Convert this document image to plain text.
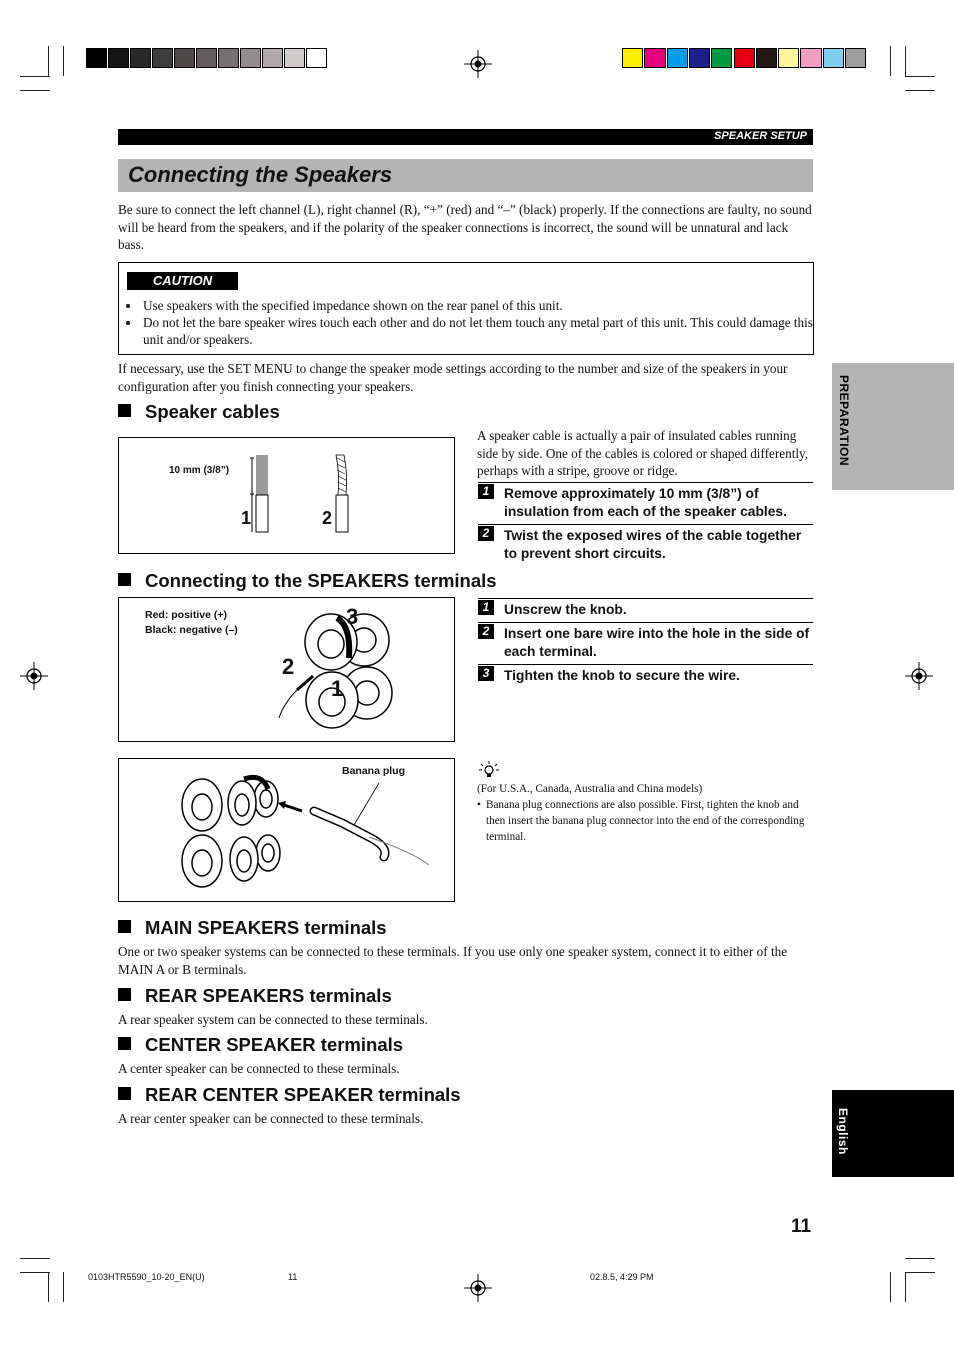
SPEAKER SETUP
Connecting the Speakers
Be sure to connect the left channel (L), right channel (R), “+” (red) and “–” (black) properly. If the connections are faulty, no sound will be heard from the speakers, and if the polarity of the speaker connections is incorrect, the sound will be unnatural and lack bass.
CAUTION
• Use speakers with the specified impedance shown on the rear panel of this unit.
• Do not let the bare speaker wires touch each other and do not let them touch any metal part of this unit. This could damage this unit and/or speakers.
If necessary, use the SET MENU to change the speaker mode settings according to the number and size of the speakers in your configuration after you finish connecting your speakers.
Speaker cables
10 mm (3/8”)
1	2
A speaker cable is actually a pair of insulated cables running side by side. One of the cables is colored or shaped differently, perhaps with a stripe, groove or ridge.
1	Remove approximately 10 mm (3/8”) of insulation from each of the speaker cables.
2	Twist the exposed wires of the cable together to prevent short circuits.
Connecting to the SPEAKERS terminals
Red: positive (+)
Black: negative (–)
3
2
1
1	Unscrew the knob.
2	Insert one bare wire into the hole in the side of each terminal.
3	Tighten the knob to secure the wire.
Banana plug
(For U.S.A., Canada, Australia and China models)
• Banana plug connections are also possible. First, tighten the knob and then insert the banana plug connector into the end of the corresponding terminal.
MAIN SPEAKERS terminals
One or two speaker systems can be connected to these terminals. If you use only one speaker system, connect it to either of the MAIN A or B terminals.
REAR SPEAKERS terminals
A rear speaker system can be connected to these terminals.
CENTER SPEAKER terminals
A center speaker can be connected to these terminals.
REAR CENTER SPEAKER terminals
A rear center speaker can be connected to these terminals.
PREPARATION
English
11
0103HTR5590_10-20_EN(U)	11	02.8.5, 4:29 PM
